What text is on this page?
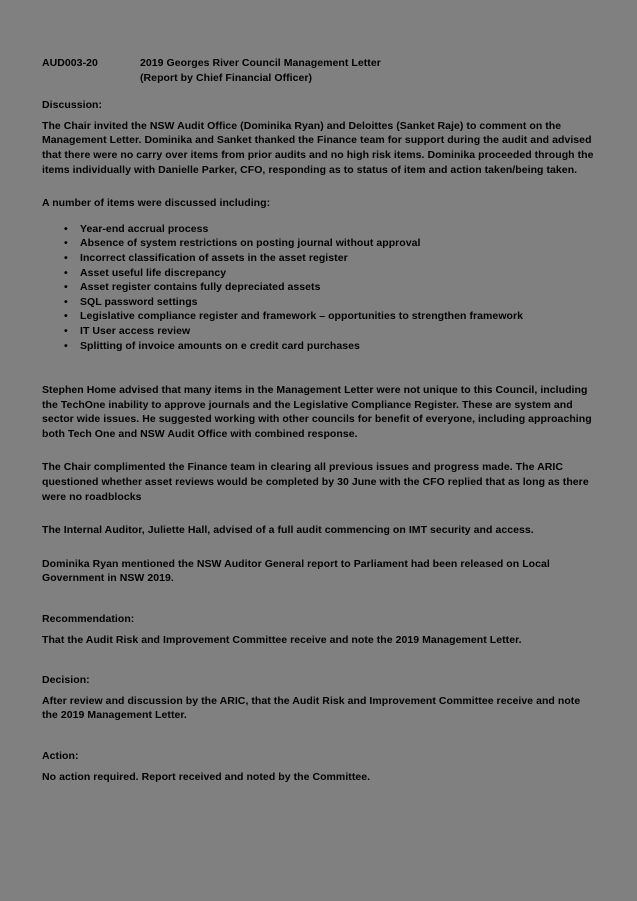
AUD003-20	2019 Georges River Council Management Letter
(Report by Chief Financial Officer)
Discussion:

The Chair invited the NSW Audit Office (Dominika Ryan) and Deloittes (Sanket Raje) to comment on the Management Letter. Dominika and Sanket thanked the Finance team for support during the audit and advised that there were no carry over items from prior audits and no high risk items. Dominika proceeded through the items individually with Danielle Parker, CFO, responding as to status of item and action taken/being taken.

A number of items were discussed including:

• Year-end accrual process
• Absence of system restrictions on posting journal without approval
• Incorrect classification of assets in the asset register
• Asset useful life discrepancy
• Asset register contains fully depreciated assets
• SQL password settings
• Legislative compliance register and framework – opportunities to strengthen framework
• IT User access review
• Splitting of invoice amounts on e credit card purchases

Stephen Home advised that many items in the Management Letter were not unique to this Council, including the TechOne inability to approve journals and the Legislative Compliance Register. These are system and sector wide issues. He suggested working with other councils for benefit of everyone, including approaching both Tech One and NSW Audit Office with combined response.

The Chair complimented the Finance team in clearing all previous issues and progress made. The ARIC questioned whether asset reviews would be completed by 30 June with the CFO replied that as long as there were no roadblocks

The Internal Auditor, Juliette Hall, advised of a full audit commencing on IMT security and access.

Dominika Ryan mentioned the NSW Auditor General report to Parliament had been released on Local Government in NSW 2019.

Recommendation:

That the Audit Risk and Improvement Committee receive and note the 2019 Management Letter.

Decision:

After review and discussion by the ARIC, that the Audit Risk and Improvement Committee receive and note the 2019 Management Letter.

Action:

No action required. Report received and noted by the Committee.
